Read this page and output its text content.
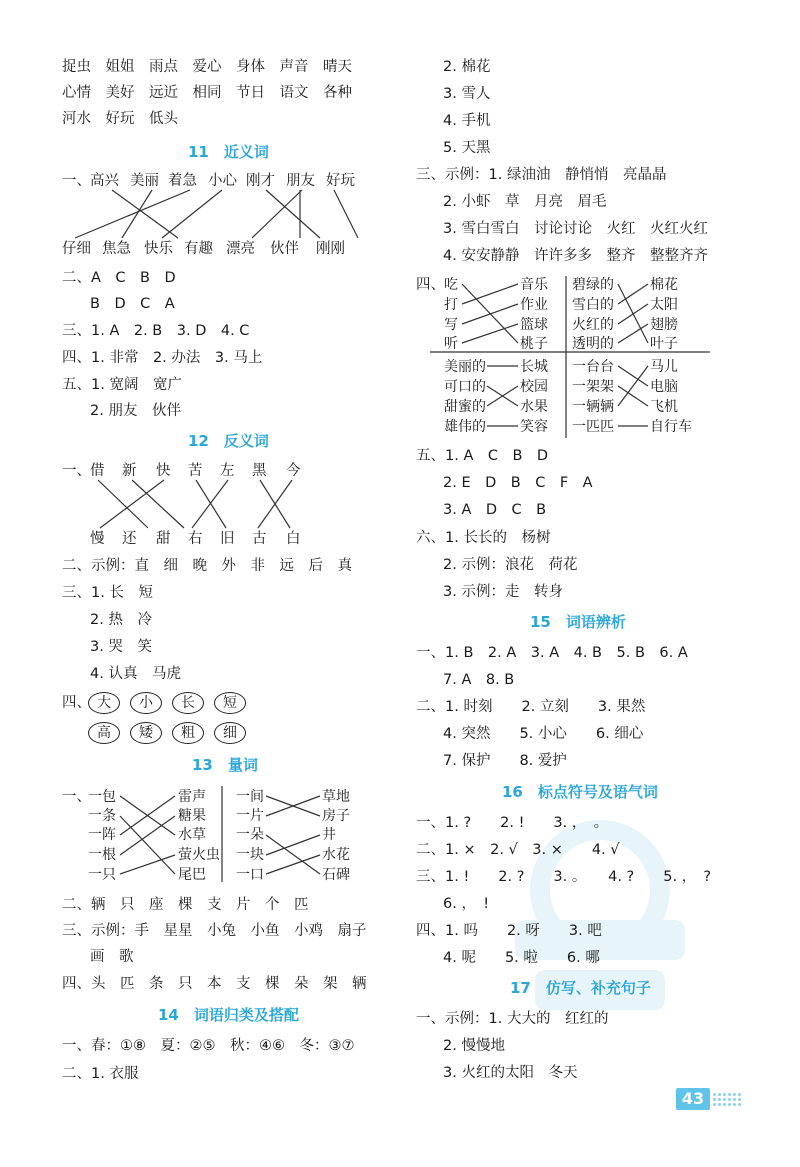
捉虫　姐姐　雨点　爱心　身体　声音　晴天
心情　美好　远近　相同　节日　语文　各种
河水　好玩　低头
11　近义词
一、 高兴 美丽 着急 小心 刚才 朋友 好玩
仔细 焦急 快乐 有趣 漂亮 伙伴 刚刚
二、A　C　B　D
B　D　C　A
三、1. A　2. B　3. D　4. C
四、1. 非常　2. 办法　3. 马上
五、1. 宽阔　宽广
2. 朋友　伙伴
12　反义词
一、 借 新 快 苦 左 黑 今
慢 还 甜 右 旧 古 白
二、示例：直　细　晚　外　非　远　后　真
三、1. 长　短
2. 热　冷
3. 哭　笑
4. 认真　马虎
四、 大 小 长 短
高 矮 粗 细
13　量词
一、
一包
一条
一阵
一根
一只
雷声
糖果
水草
萤火虫
尾巴
一间
一片
一朵
一块
一口
草地
房子
井
水花
石碑
二、辆　只　座　棵　支　片　个　匹
三、示例：手　星星　小兔　小鱼　小鸡　扇子
画　歌
四、头　匹　条　只　本　支　棵　朵　架　辆
14　词语归类及搭配
一、春：①⑧　夏：②⑤　秋：④⑥　冬：③⑦
二、1. 衣服
2. 棉花
3. 雪人
4. 手机
5. 天黑
三、示例：1. 绿油油　静悄悄　亮晶晶
2. 小虾　草　月亮　眉毛
3. 雪白雪白　讨论讨论　火红　火红火红
4. 安安静静　许许多多　整齐　整整齐齐
四、 吃
打
写
听
音乐
作业
篮球
桃子
碧绿的
雪白的
火红的
透明的
棉花
太阳
翅膀
叶子
美丽的
可口的
甜蜜的
雄伟的
长城
校园
水果
笑容
一台台
一架架
一辆辆
一匹匹
马儿
电脑
飞机
自行车
五、1. A　C　B　D
2. E　D　B　C　F　A
3. A　D　C　B
六、1. 长长的　杨树
2. 示例：浪花　荷花
3. 示例：走　转身
15　词语辨析
一、1. B　2. A　3. A　4. B　5. B　6. A
7. A　8. B
二、1. 时刻　　2. 立刻　　3. 果然
4. 突然　　5. 小心　　6. 细心
7. 保护　　8. 爱护
16　标点符号及语气词
一、1. ?　　2. !　　3. ，　。
二、1. ×　2. √　3. ×　　4. √
三、1. !　　2. ?　　3. 。　　4. ?　　5. ，　?
6. ，　!
四、1. 吗　　2. 呀　　3. 吧
4. 呢　　5. 啦　　6. 哪
17　仿写、补充句子
一、示例：1. 大大的　红红的
2. 慢慢地
3. 火红的太阳　冬天
43
